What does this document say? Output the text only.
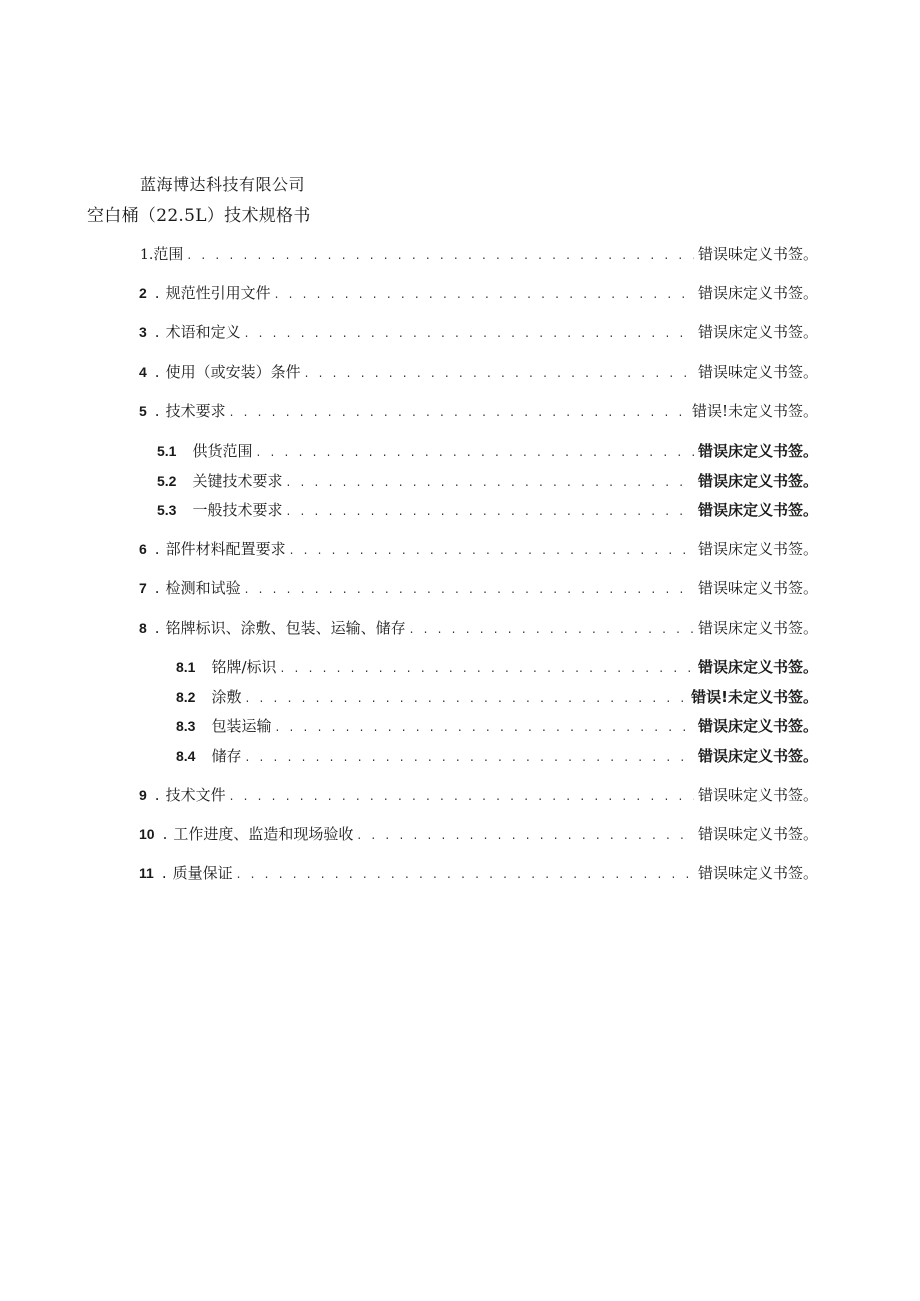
蓝海博达科技有限公司
空白桶（22.5L）技术规格书
1. 范围 . . .	错误味定义书签。
2 . 规范性引用文件 . . .	错误床定义书签。
3 . 术语和定义 . . .	错误床定义书签。
4 . 使用（或安装）条件 . . .	错误味定义书签。
5 . 技术要求 . . .	错误!未定义书签。
5.1 供货范围 . . .	错误床定义书签。
5.2 关键技术要求 . . .	错误床定义书签。
5.3 一般技术要求 . . .	错误床定义书签。
6 . 部件材料配置要求 . . .	错误床定义书签。
7 . 检测和试验 . . .	错误味定义书签。
8 . 铭牌标识、涂敷、包装、运输、储存 . . .	错误床定义书签。
8.1 铭牌/标识 . . .	错误床定义书签。
8.2 涂敷 . . .	错误!未定义书签。
8.3 包装运输 . . .	错误床定义书签。
8.4 储存 . . .	错误床定义书签。
9 . 技术文件 . . .	错误味定义书签。
10 . 工作进度、监造和现场验收 . . .	错误味定义书签。
11 . 质量保证 . . .	错误味定义书签。
